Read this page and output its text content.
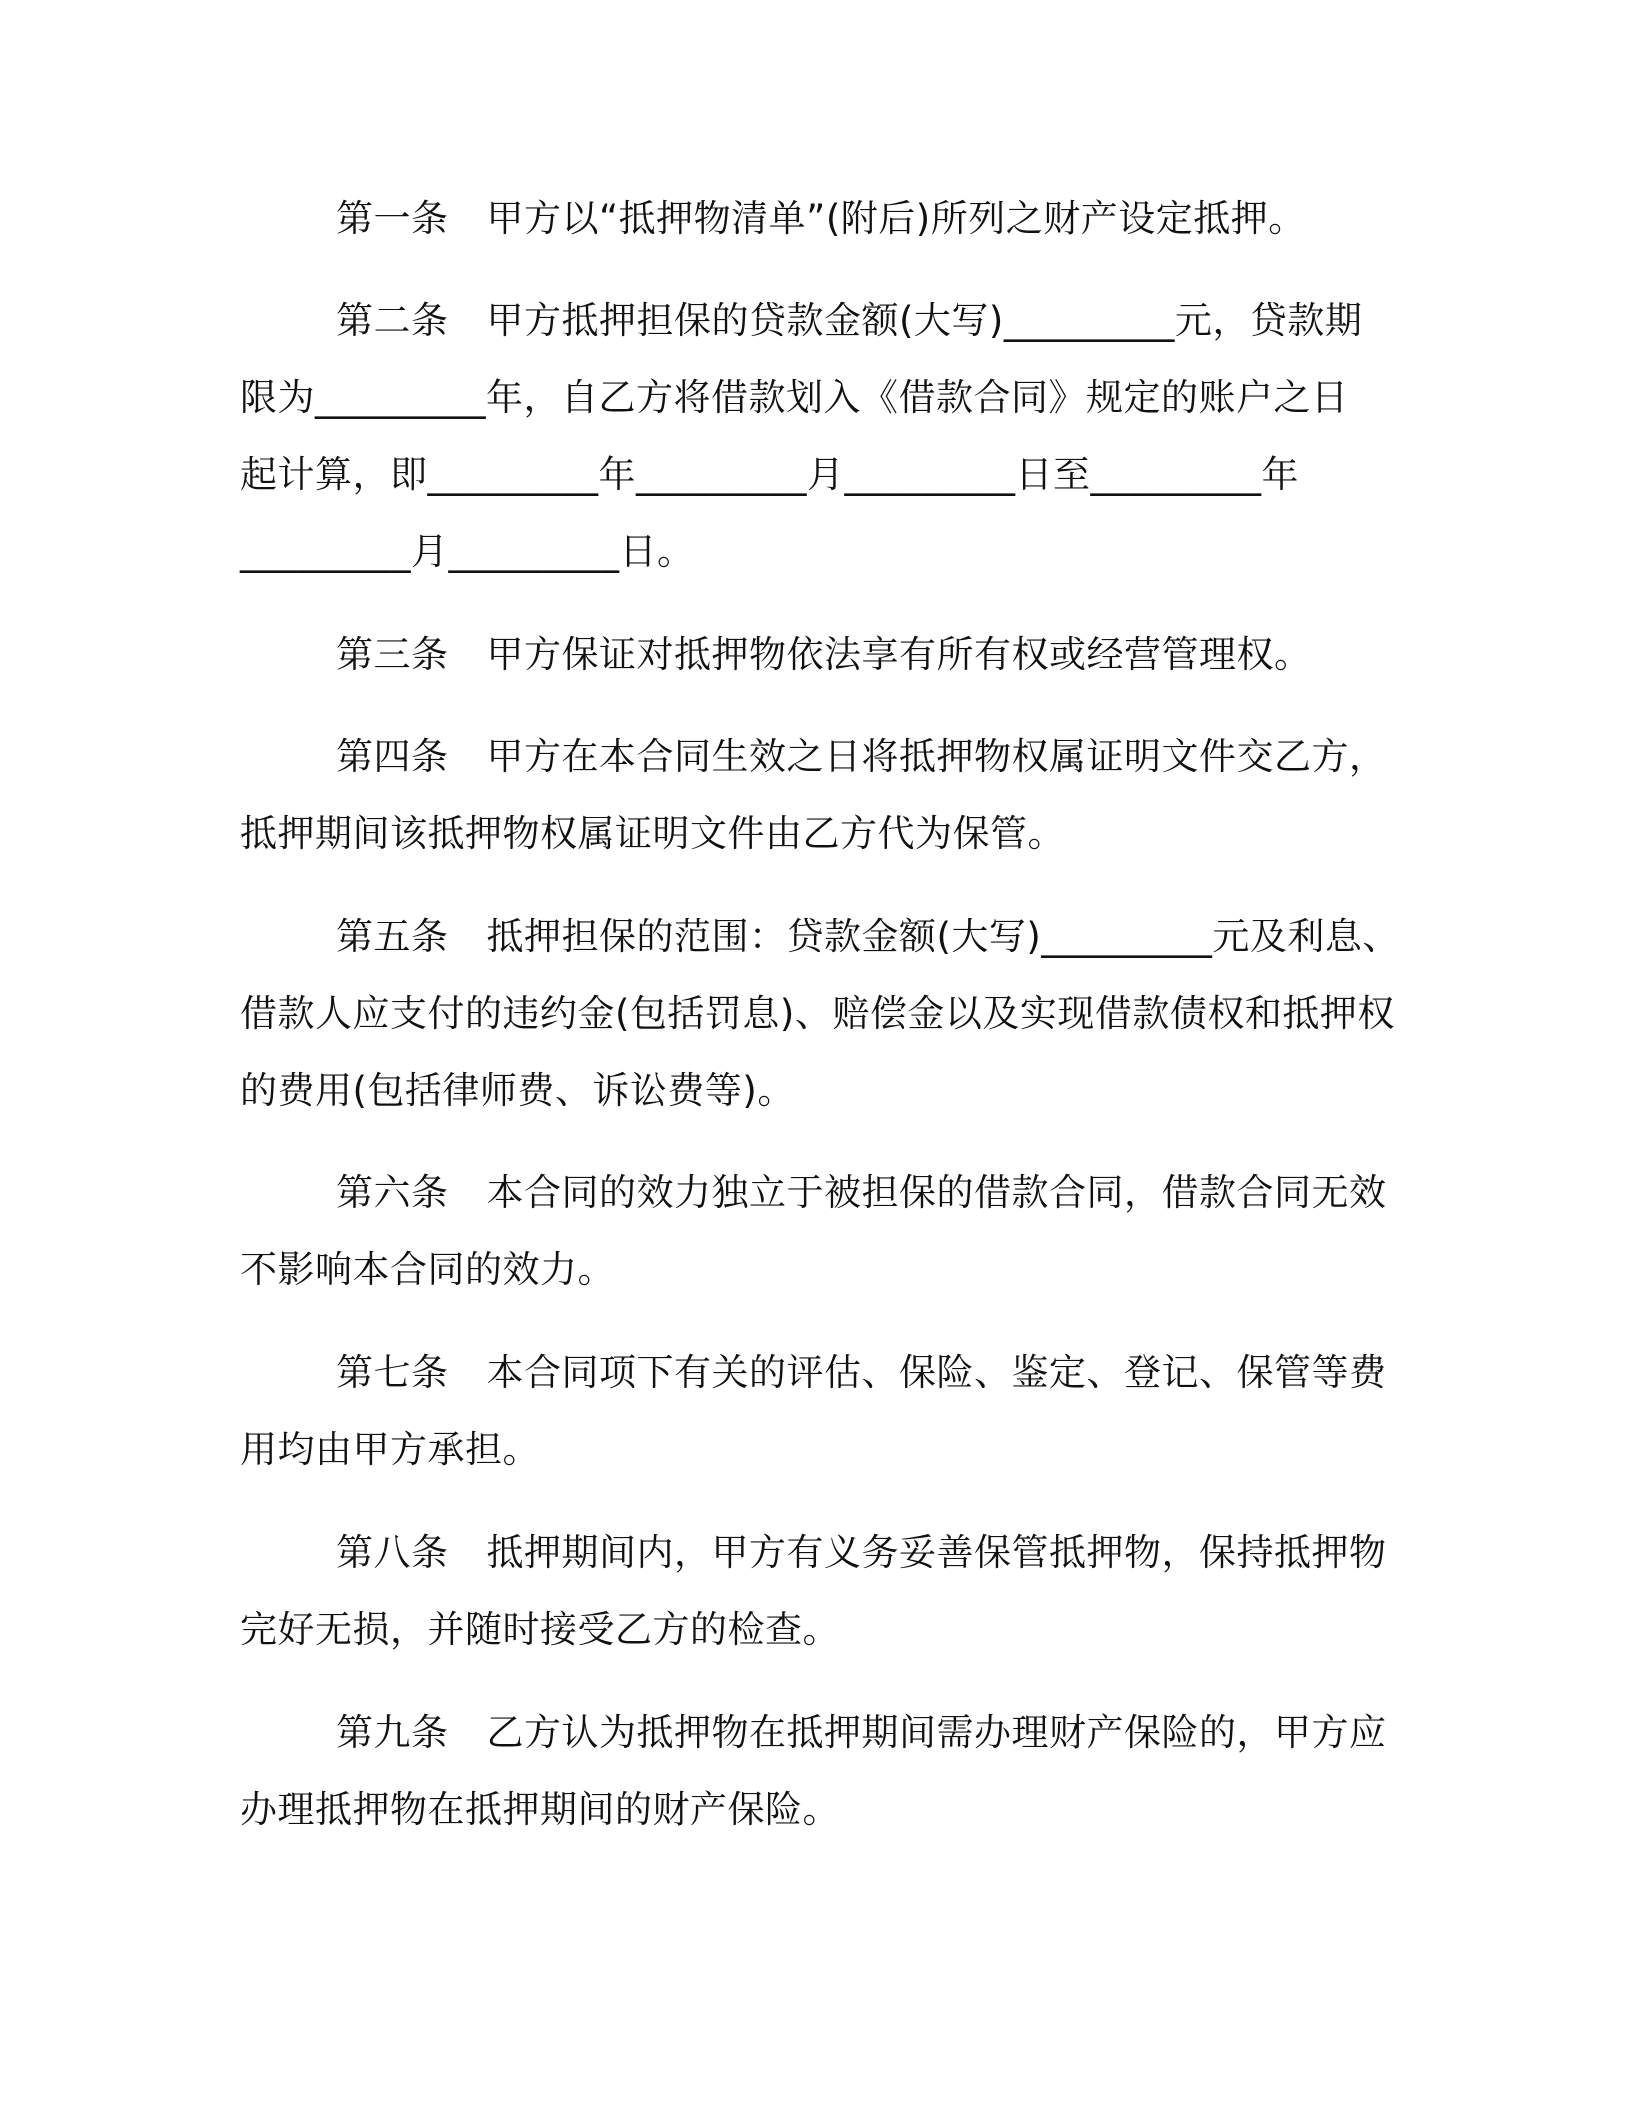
第一条 甲方以“抵押物清单”(附后)所列之财产设定抵押。
第二条 甲方抵押担保的贷款金额(大写)_________元，贷款期
限为_________年，自乙方将借款划入《借款合同》规定的账户之日
起计算，即_________年_________月_________日至_________年
_________月_________日。
第三条 甲方保证对抵押物依法享有所有权或经营管理权。
第四条 甲方在本合同生效之日将抵押物权属证明文件交乙方，
抵押期间该抵押物权属证明文件由乙方代为保管。
第五条 抵押担保的范围：贷款金额(大写)_________元及利息、
借款人应支付的违约金(包括罚息)、赔偿金以及实现借款债权和抵押权
的费用(包括律师费、诉讼费等)。
第六条 本合同的效力独立于被担保的借款合同，借款合同无效
不影响本合同的效力。
第七条 本合同项下有关的评估、保险、鉴定、登记、保管等费
用均由甲方承担。
第八条 抵押期间内，甲方有义务妥善保管抵押物，保持抵押物
完好无损，并随时接受乙方的检查。
第九条 乙方认为抵押物在抵押期间需办理财产保险的，甲方应
办理抵押物在抵押期间的财产保险。
